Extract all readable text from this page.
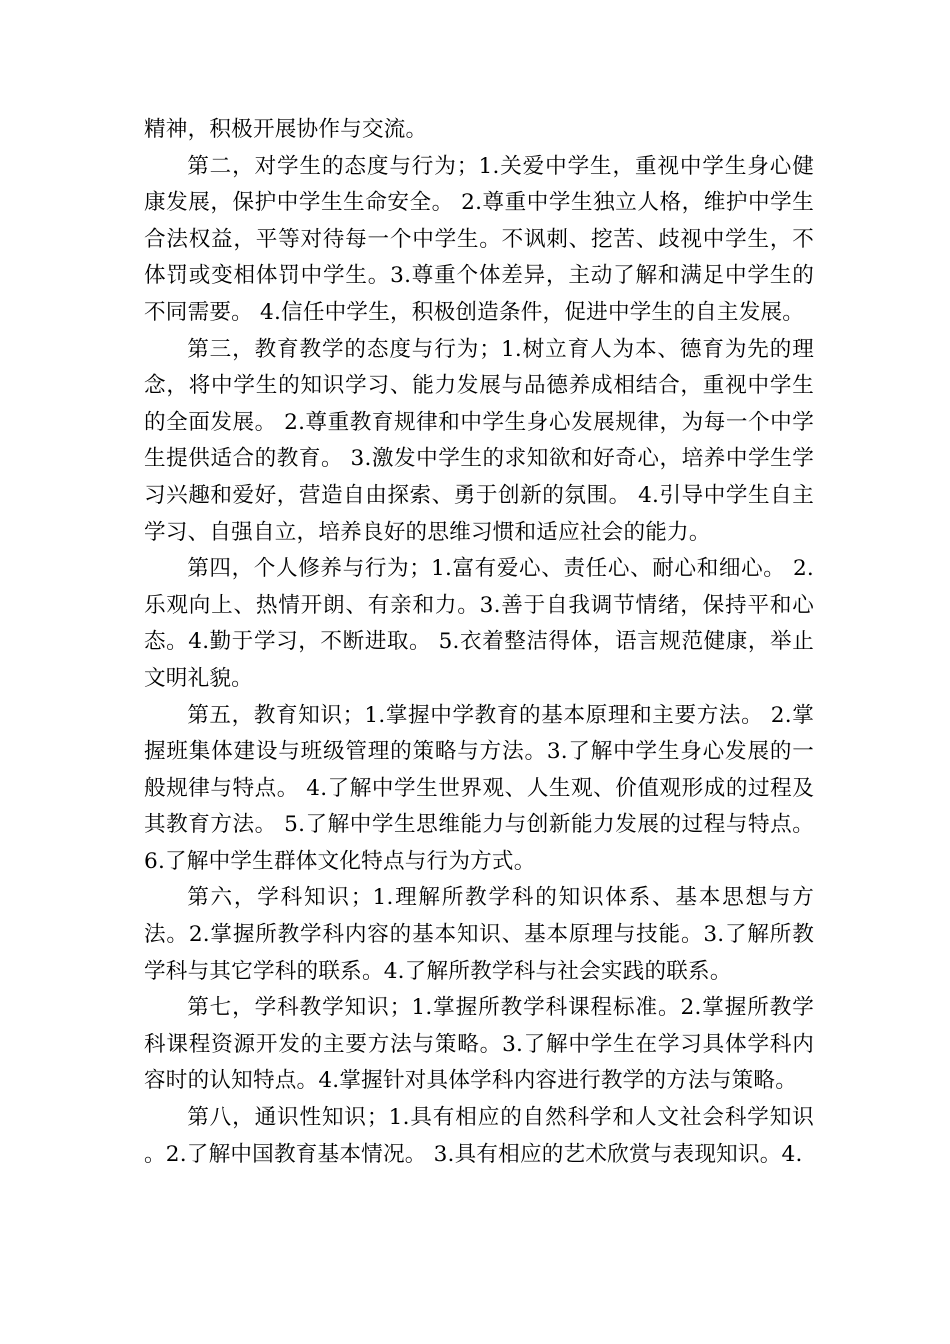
精神，积极开展协作与交流。

第二，对学生的态度与行为；1.关爱中学生，重视中学生身心健康发展，保护中学生生命安全。 2.尊重中学生独立人格，维护中学生合法权益，平等对待每一个中学生。不讽刺、挖苦、歧视中学生，不体罚或变相体罚中学生。3.尊重个体差异，主动了解和满足中学生的不同需要。 4.信任中学生，积极创造条件，促进中学生的自主发展。

第三，教育教学的态度与行为；1.树立育人为本、德育为先的理念，将中学生的知识学习、能力发展与品德养成相结合，重视中学生的全面发展。 2.尊重教育规律和中学生身心发展规律，为每一个中学生提供适合的教育。 3.激发中学生的求知欲和好奇心，培养中学生学习兴趣和爱好，营造自由探索、勇于创新的氛围。 4.引导中学生自主学习、自强自立，培养良好的思维习惯和适应社会的能力。

第四，个人修养与行为；1.富有爱心、责任心、耐心和细心。 2.乐观向上、热情开朗、有亲和力。3.善于自我调节情绪，保持平和心态。4.勤于学习，不断进取。 5.衣着整洁得体，语言规范健康，举止文明礼貌。

第五，教育知识；1.掌握中学教育的基本原理和主要方法。 2.掌握班集体建设与班级管理的策略与方法。3.了解中学生身心发展的一般规律与特点。 4.了解中学生世界观、人生观、价值观形成的过程及其教育方法。 5.了解中学生思维能力与创新能力发展的过程与特点。 6.了解中学生群体文化特点与行为方式。

第六，学科知识；1.理解所教学科的知识体系、基本思想与方法。2.掌握所教学科内容的基本知识、基本原理与技能。3.了解所教学科与其它学科的联系。4.了解所教学科与社会实践的联系。

第七，学科教学知识；1.掌握所教学科课程标准。2.掌握所教学科课程资源开发的主要方法与策略。3.了解中学生在学习具体学科内容时的认知特点。4.掌握针对具体学科内容进行教学的方法与策略。

第八，通识性知识；1.具有相应的自然科学和人文社会科学知识 。2.了解中国教育基本情况。 3.具有相应的艺术欣赏与表现知识。4.
